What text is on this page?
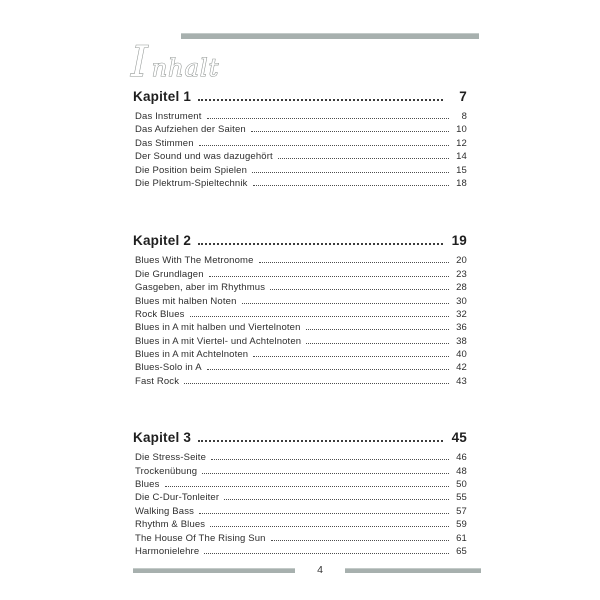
I nhalt
Kapitel 1	7
Das Instrument	8
Das Aufziehen der Saiten	10
Das Stimmen	12
Der Sound und was dazugehört	14
Die Position beim Spielen	15
Die Plektrum-Spieltechnik	18
Kapitel 2	19
Blues With The Metronome	20
Die Grundlagen	23
Gasgeben, aber im Rhythmus	28
Blues mit halben Noten	30
Rock Blues	32
Blues in A mit halben und Viertelnoten	36
Blues in A mit Viertel- und Achtelnoten	38
Blues in A mit Achtelnoten	40
Blues-Solo in A	42
Fast Rock	43
Kapitel 3	45
Die Stress-Seite	46
Trockenübung	48
Blues	50
Die C-Dur-Tonleiter	55
Walking Bass	57
Rhythm & Blues	59
The House Of The Rising Sun	61
Harmonielehre	65
4
